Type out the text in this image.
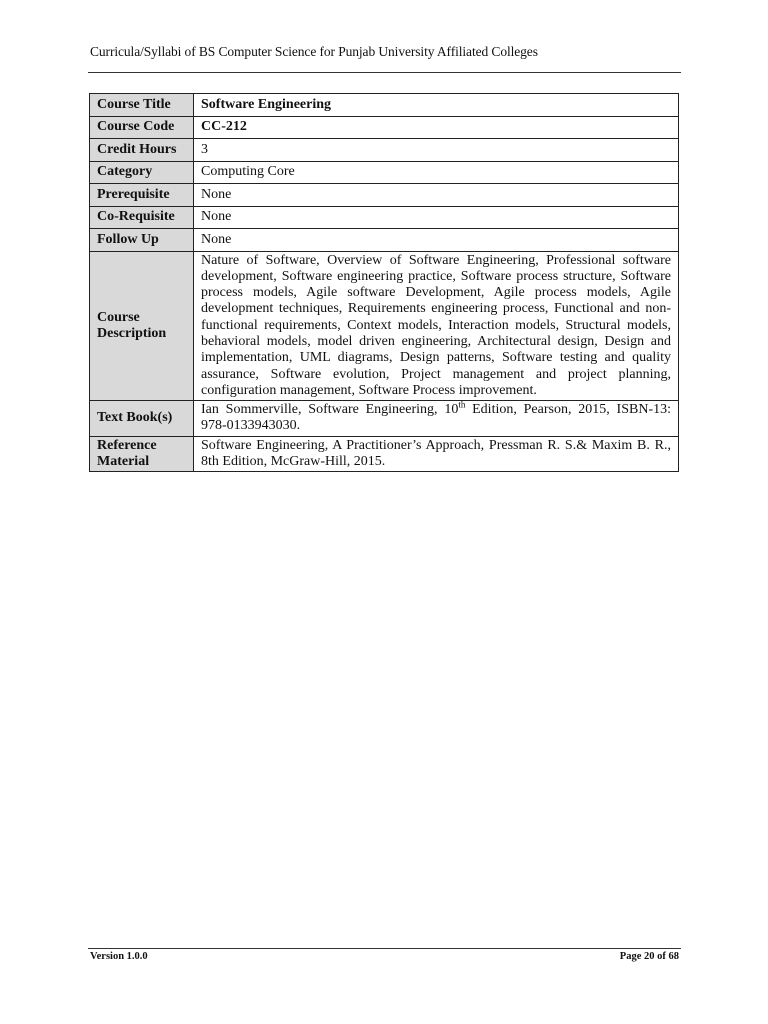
Curricula/Syllabi of BS Computer Science for Punjab University Affiliated Colleges
Course Title	Software Engineering
Course Code	CC-212
Credit Hours	3
Category	Computing Core
Prerequisite	None
Co-Requisite	None
Follow Up	None
Course Description	Nature of Software, Overview of Software Engineering, Professional software development, Software engineering practice, Software process structure, Software process models, Agile software Development, Agile process models, Agile development techniques, Requirements engineering process, Functional and non-functional requirements, Context models, Interaction models, Structural models, behavioral models, model driven engineering, Architectural design, Design and implementation, UML diagrams, Design patterns, Software testing and quality assurance, Software evolution, Project management and project planning, configuration management, Software Process improvement.
Text Book(s)	Ian Sommerville, Software Engineering, 10th Edition, Pearson, 2015, ISBN-13: 978-0133943030.
Reference Material	Software Engineering, A Practitioner’s Approach, Pressman R. S.& Maxim B. R., 8th Edition, McGraw-Hill, 2015.
Version 1.0.0	Page 20 of 68
